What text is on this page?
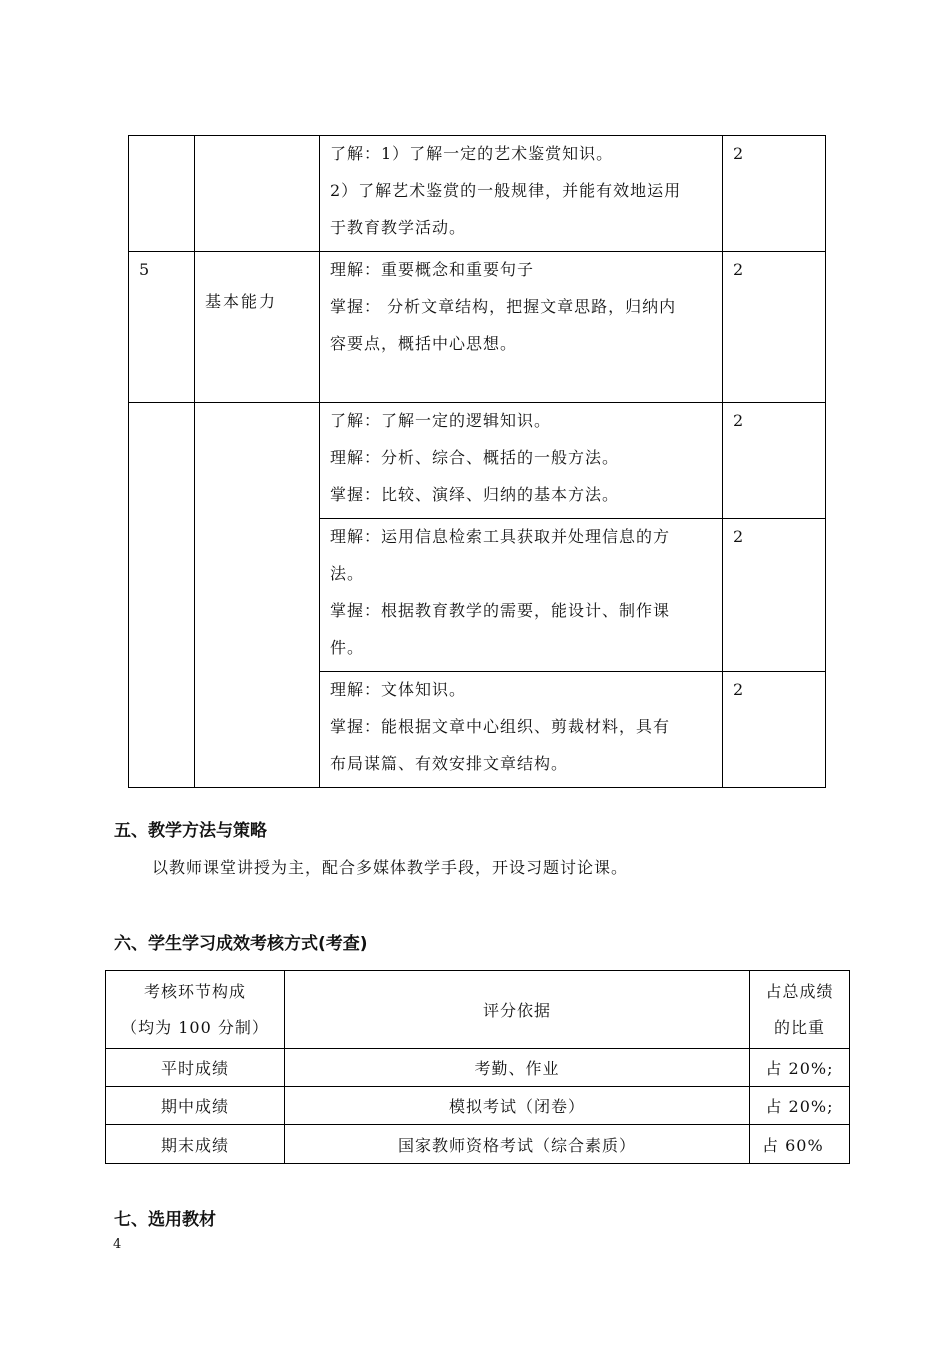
		了解：1）了解一定的艺术鉴赏知识。
2）了解艺术鉴赏的一般规律，并能有效地运用
于教育教学活动。	2

5	基本能力	理解：重要概念和重要句子
掌握： 分析文章结构，把握文章思路，归纳内
容要点，概括中心思想。	2

		了解：了解一定的逻辑知识。
理解：分析、综合、概括的一般方法。
掌握：比较、演绎、归纳的基本方法。	2

		理解：运用信息检索工具获取并处理信息的方
法。
掌握：根据教育教学的需要，能设计、制作课
件。	2

		理解：文体知识。
掌握：能根据文章中心组织、剪裁材料，具有
布局谋篇、有效安排文章结构。	2
五、教学方法与策略
以教师课堂讲授为主，配合多媒体教学手段，开设习题讨论课。
六、学生学习成效考核方式(考查)
考核环节构成
（均为 100 分制）	评分依据	占总成绩
的比重

平时成绩	考勤、作业	占 20%;
期中成绩	模拟考试（闭卷）	占 20%;
期末成绩	国家教师资格考试（综合素质）	占 60%
七、选用教材
4
